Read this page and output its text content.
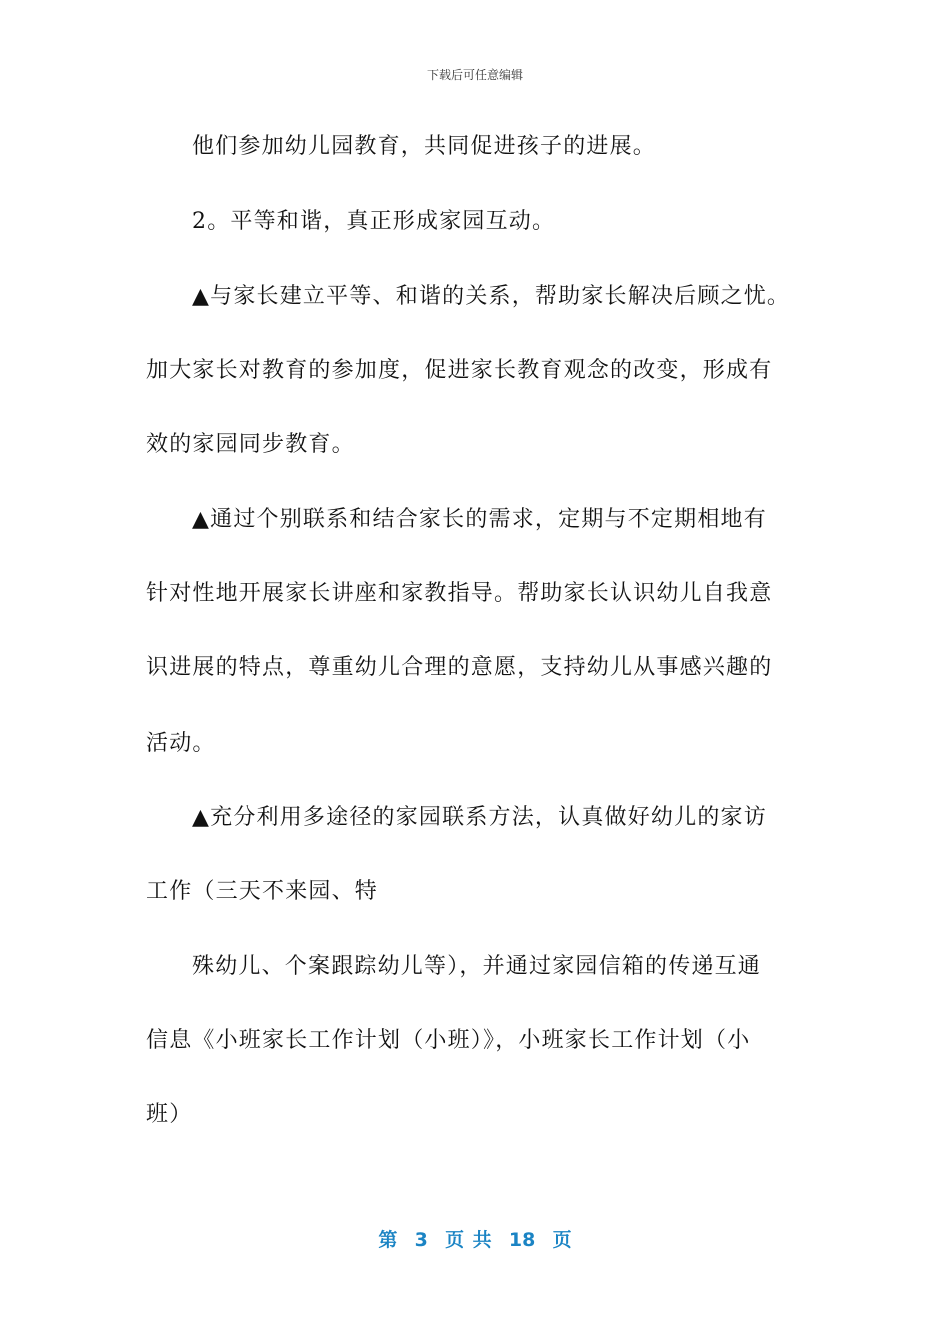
下载后可任意编辑
他们参加幼儿园教育，共同促进孩子的进展。
2。平等和谐，真正形成家园互动。
▲与家长建立平等、和谐的关系，帮助家长解决后顾之忧。
加大家长对教育的参加度，促进家长教育观念的改变，形成有
效的家园同步教育。
▲通过个别联系和结合家长的需求，定期与不定期相地有
针对性地开展家长讲座和家教指导。帮助家长认识幼儿自我意
识进展的特点，尊重幼儿合理的意愿，支持幼儿从事感兴趣的
活动。
▲充分利用多途径的家园联系方法，认真做好幼儿的家访
工作（三天不来园、特
殊幼儿、个案跟踪幼儿等），并通过家园信箱的传递互通
信息《小班家长工作计划（小班）》，小班家长工作计划（小
班）
第  3  页 共  18  页
